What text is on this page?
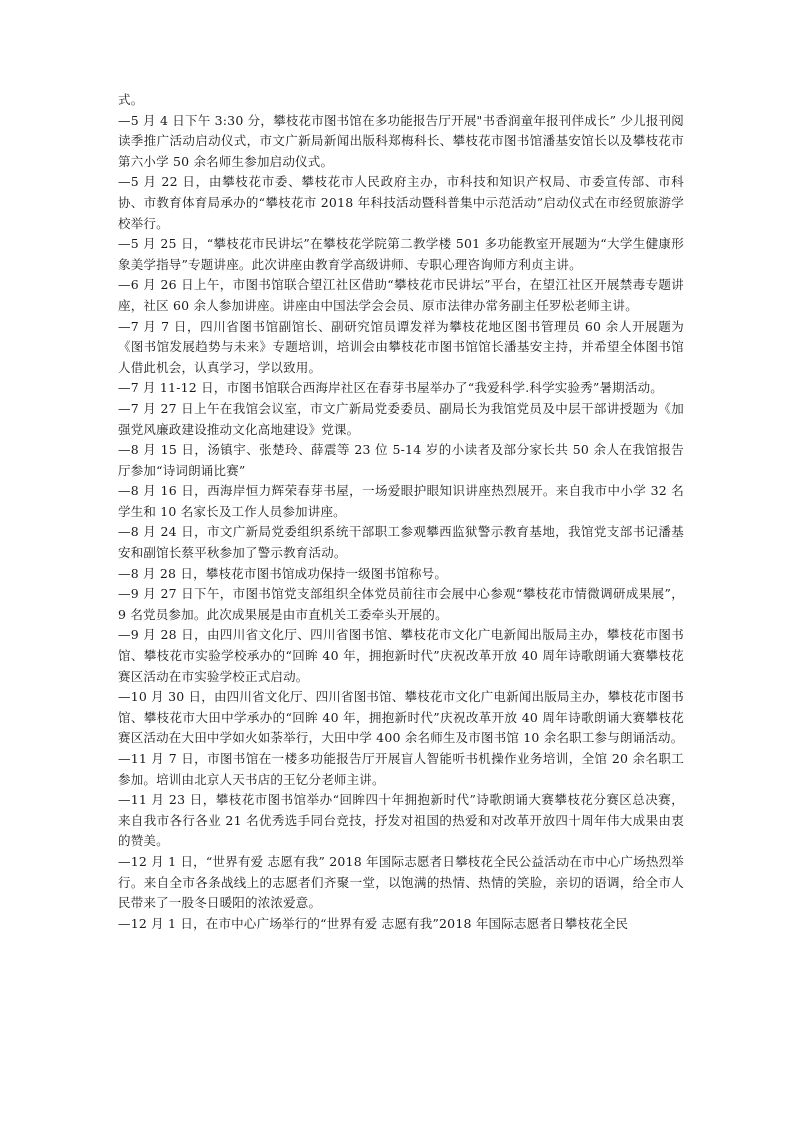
式。

—5 月 4 日下午 3:30 分，攀枝花市图书馆在多功能报告厅开展"书香润童年报刊伴成长” 少儿报刊阅读季推广活动启动仪式，市文广新局新闻出版科郑梅科长、攀枝花市图书馆潘基安馆长以及攀枝花市第六小学 50 余名师生参加启动仪式。

—5 月 22 日，由攀枝花市委、攀枝花市人民政府主办，市科技和知识产权局、市委宣传部、市科协、市教育体育局承办的“攀枝花市 2018 年科技活动暨科普集中示范活动”启动仪式在市经贸旅游学校举行。

—5 月 25 日，“攀枝花市民讲坛”在攀枝花学院第二教学楼 501 多功能教室开展题为“大学生健康形象美学指导”专题讲座。此次讲座由教育学高级讲师、专职心理咨询师方利贞主讲。

—6 月 26 日上午，市图书馆联合望江社区借助“攀枝花市民讲坛”平台，在望江社区开展禁毒专题讲座，社区 60 余人参加讲座。讲座由中国法学会会员、原市法律办常务副主任罗松老师主讲。

—7 月 7 日，四川省图书馆副馆长、副研究馆员谭发祥为攀枝花地区图书管理员 60 余人开展题为《图书馆发展趋势与未来》专题培训，培训会由攀枝花市图书馆馆长潘基安主持，并希望全体图书馆人借此机会，认真学习，学以致用。

—7 月 11-12 日，市图书馆联合西海岸社区在春芽书屋举办了“我爱科学.科学实验秀”暑期活动。

—7 月 27 日上午在我馆会议室，市文广新局党委委员、副局长为我馆党员及中层干部讲授题为《加强党风廉政建设推动文化高地建设》党课。

—8 月 15 日，汤镇宇、张楚玲、薛震等 23 位 5-14 岁的小读者及部分家长共 50 余人在我馆报告厅参加“诗词朗诵比赛”

—8 月 16 日，西海岸恒力辉荣春芽书屋，一场爱眼护眼知识讲座热烈展开。来自我市中小学 32 名学生和 10 名家长及工作人员参加讲座。

—8 月 24 日，市文广新局党委组织系统干部职工参观攀西监狱警示教育基地，我馆党支部书记潘基安和副馆长蔡平秋参加了警示教育活动。

—8 月 28 日，攀枝花市图书馆成功保持一级图书馆称号。

—9 月 27 日下午，市图书馆党支部组织全体党员前往市会展中心参观“攀枝花市情微调研成果展”，9 名党员参加。此次成果展是由市直机关工委牵头开展的。

—9 月 28 日，由四川省文化厅、四川省图书馆、攀枝花市文化广电新闻出版局主办，攀枝花市图书馆、攀枝花市实验学校承办的“回眸 40 年，拥抱新时代”庆祝改革开放 40 周年诗歌朗诵大赛攀枝花赛区活动在市实验学校正式启动。

—10 月 30 日，由四川省文化厅、四川省图书馆、攀枝花市文化广电新闻出版局主办，攀枝花市图书馆、攀枝花市大田中学承办的“回眸 40 年，拥抱新时代”庆祝改革开放 40 周年诗歌朗诵大赛攀枝花赛区活动在大田中学如火如荼举行，大田中学 400 余名师生及市图书馆 10 余名职工参与朗诵活动。

—11 月 7 日，市图书馆在一楼多功能报告厅开展盲人智能听书机操作业务培训，全馆 20 余名职工参加。培训由北京人天书店的王钇分老师主讲。

—11 月 23 日，攀枝花市图书馆举办“回眸四十年拥抱新时代”诗歌朗诵大赛攀枝花分赛区总决赛，来自我市各行各业 21 名优秀选手同台竞技，抒发对祖国的热爱和对改革开放四十周年伟大成果由衷的赞美。

—12 月 1 日，“世界有爱 志愿有我” 2018 年国际志愿者日攀枝花全民公益活动在市中心广场热烈举行。来自全市各条战线上的志愿者们齐聚一堂，以饱满的热情、热情的笑脸，亲切的语调，给全市人民带来了一股冬日暖阳的浓浓爱意。

—12 月 1 日，在市中心广场举行的“世界有爱 志愿有我”2018 年国际志愿者日攀枝花全民
